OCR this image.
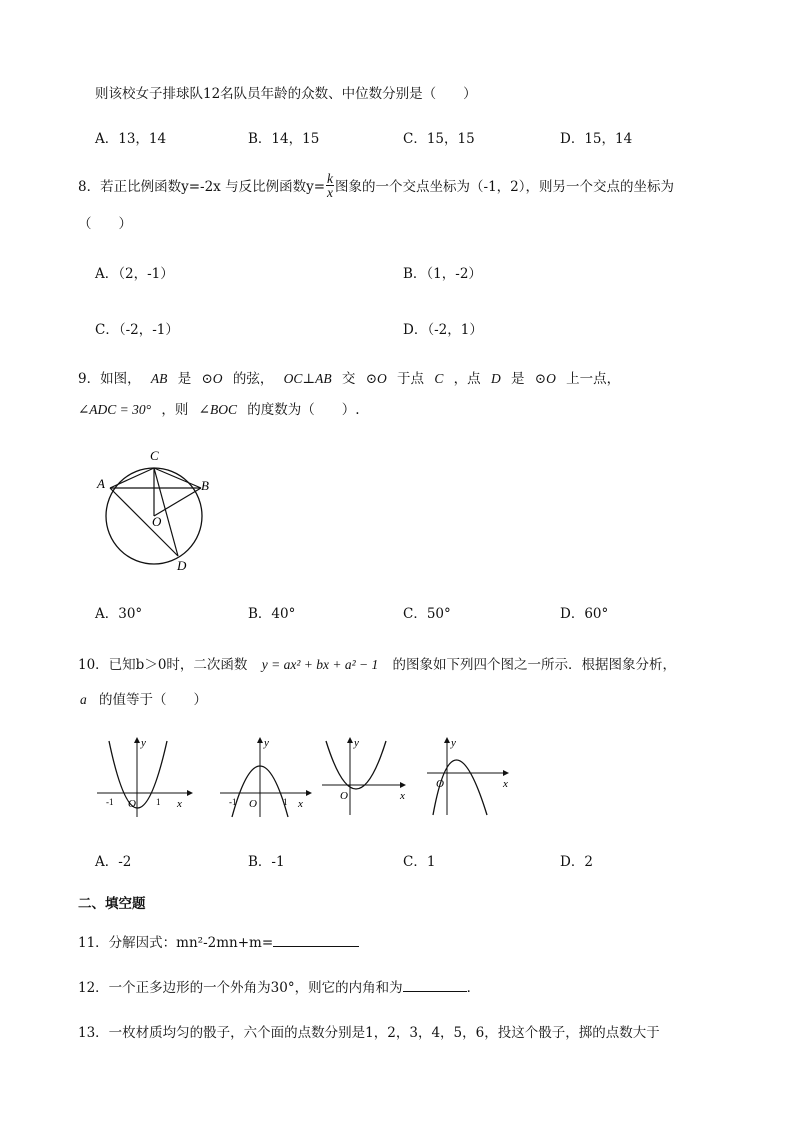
则该校女子排球队12名队员年龄的众数、中位数分别是（　　）
A．13，14	B．14，15	C．15，15	D．15，14
8．若正比例函数y=-2x 与反比例函数$y= \frac{k}{x}$ 图象的一个交点坐标为（-1，2），则另一个交点的坐标为
（　　）
A．（2，-1）	B．（1，-2）
C．（-2，-1）	D．（-2，1）
9．如图， AB 是 ⊙O 的弦， OC⊥AB 交 ⊙O 于点 C ，点 D 是 ⊙O 上一点，
∠ADC = 30° ，则 ∠BOC 的度数为（　　）.
C
A	B
O
D
A．30°	B．40°	C．50°	D．60°
10．已知b＞0时，二次函数 y = ax² + bx + a² − 1 的图象如下列四个图之一所示．根据图象分析，
a 的值等于（　　）
y
x
O
-1	1
y
x
O
-1	1
y
x
O
y
x
O
A．-2	B．-1	C．1	D．2
二、填空题
11．分解因式：mn²-2mn+m=
12．一个正多边形的一个外角为30°，则它的内角和为	．
13．一枚材质均匀的骰子，六个面的点数分别是1，2，3，4，5，6，投这个骰子，掷的点数大于
